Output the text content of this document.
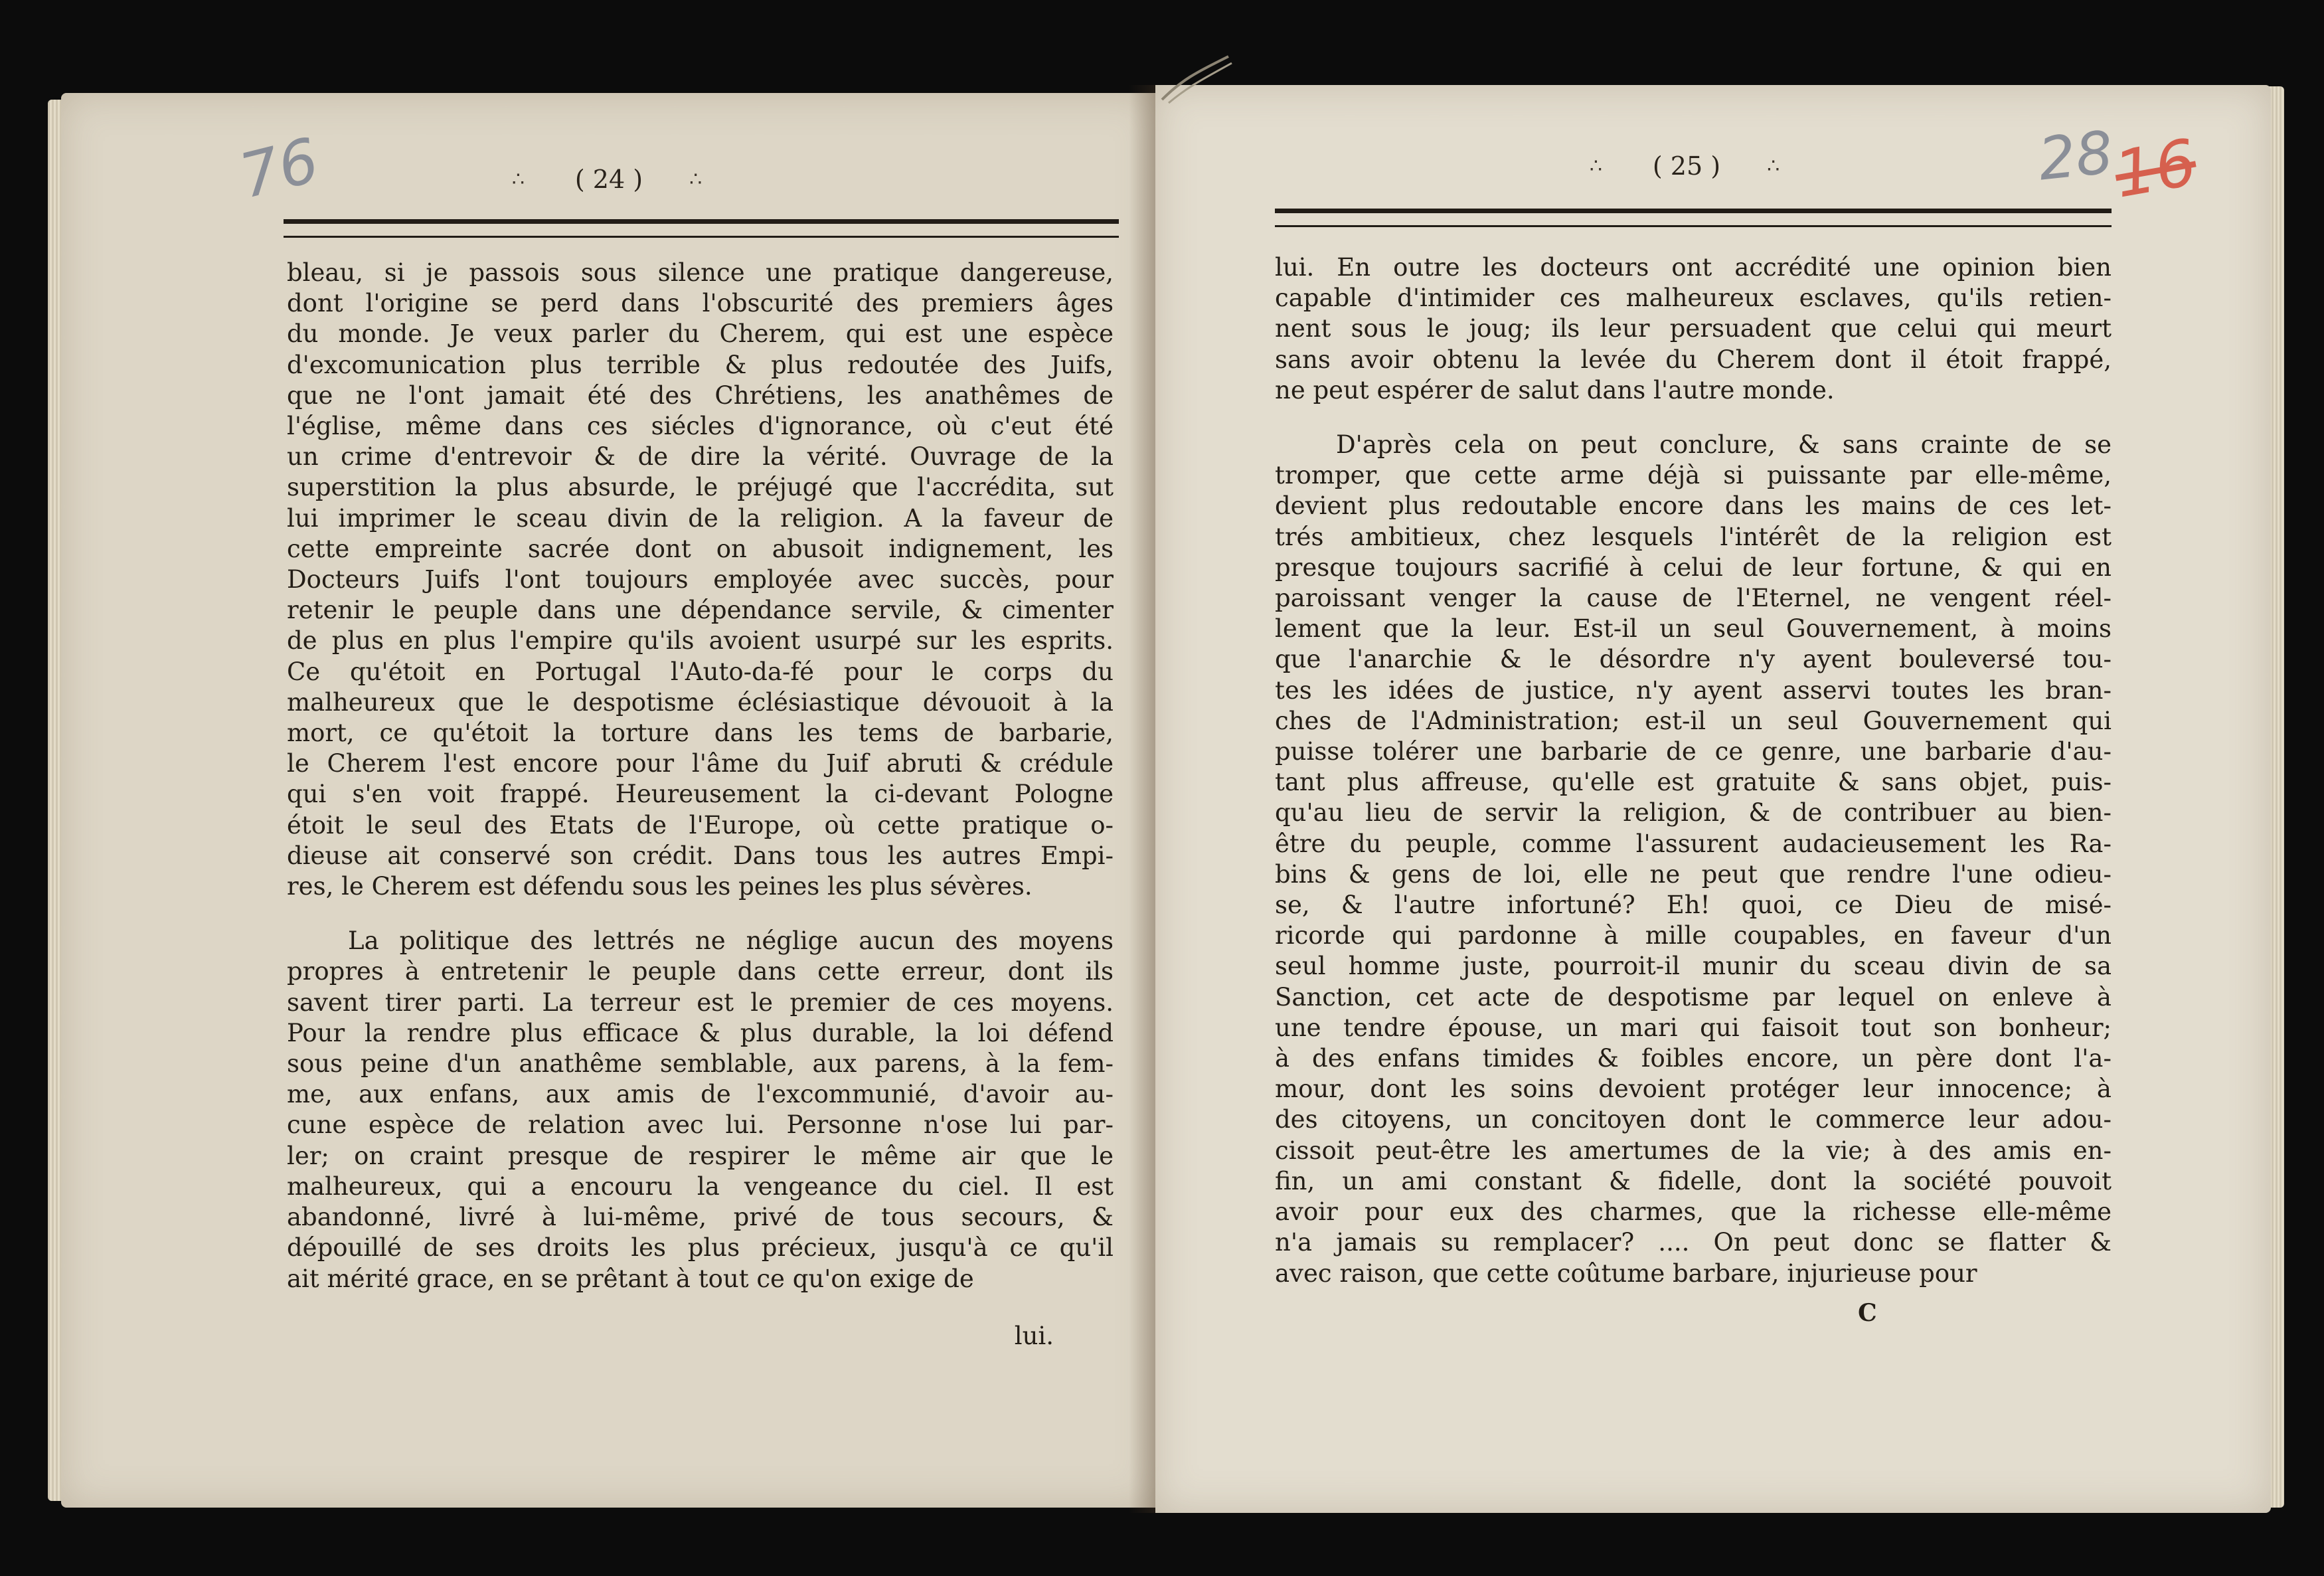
76	∴ ( 24 ) ∴
bleau, si je passois sous silence une pratique dangereuse,
dont l'origine se perd dans l'obscurité des premiers âges
du monde. Je veux parler du Cherem, qui est une espèce
d'excomunication plus terrible & plus redoutée des Juifs,
que ne l'ont jamait été des Chrétiens, les anathêmes de
l'église, même dans ces siécles d'ignorance, où c'eut été
un crime d'entrevoir & de dire la vérité. Ouvrage de la
superstition la plus absurde, le préjugé que l'accrédita, sut
lui imprimer le sceau divin de la religion. A la faveur de
cette empreinte sacrée dont on abusoit indignement, les
Docteurs Juifs l'ont toujours employée avec succès, pour
retenir le peuple dans une dépendance servile, & cimenter
de plus en plus l'empire qu'ils avoient usurpé sur les esprits.
Ce qu'étoit en Portugal l'Auto-da-fé pour le corps du
malheureux que le despotisme éclésiastique dévouoit à la
mort, ce qu'étoit la torture dans les tems de barbarie,
le Cherem l'est encore pour l'âme du Juif abruti & crédule
qui s'en voit frappé. Heureusement la ci-devant Pologne
étoit le seul des Etats de l'Europe, où cette pratique o-
dieuse ait conservé son crédit. Dans tous les autres Empi-
res, le Cherem est défendu sous les peines les plus sévères.
La politique des lettrés ne néglige aucun des moyens
propres à entretenir le peuple dans cette erreur, dont ils
savent tirer parti. La terreur est le premier de ces moyens.
Pour la rendre plus efficace & plus durable, la loi défend
sous peine d'un anathême semblable, aux parens, à la fem-
me, aux enfans, aux amis de l'excommunié, d'avoir au-
cune espèce de relation avec lui. Personne n'ose lui par-
ler; on craint presque de respirer le même air que le
malheureux, qui a encouru la vengeance du ciel. Il est
abandonné, livré à lui-même, privé de tous secours, &
dépouillé de ses droits les plus précieux, jusqu'à ce qu'il
ait mérité grace, en se prêtant à tout ce qu'on exige de
lui.
28
16
∴ ( 25 ) ∴
lui. En outre les docteurs ont accrédité une opinion bien
capable d'intimider ces malheureux esclaves, qu'ils retien-
nent sous le joug; ils leur persuadent que celui qui meurt
sans avoir obtenu la levée du Cherem dont il étoit frappé,
ne peut espérer de salut dans l'autre monde.
D'après cela on peut conclure, & sans crainte de se
tromper, que cette arme déjà si puissante par elle-même,
devient plus redoutable encore dans les mains de ces let-
trés ambitieux, chez lesquels l'intérêt de la religion est
presque toujours sacrifié à celui de leur fortune, & qui en
paroissant venger la cause de l'Eternel, ne vengent réel-
lement que la leur. Est-il un seul Gouvernement, à moins
que l'anarchie & le désordre n'y ayent bouleversé tou-
tes les idées de justice, n'y ayent asservi toutes les bran-
ches de l'Administration; est-il un seul Gouvernement qui
puisse tolérer une barbarie de ce genre, une barbarie d'au-
tant plus affreuse, qu'elle est gratuite & sans objet, puis-
qu'au lieu de servir la religion, & de contribuer au bien-
être du peuple, comme l'assurent audacieusement les Ra-
bins & gens de loi, elle ne peut que rendre l'une odieu-
se, & l'autre infortuné? Eh! quoi, ce Dieu de misé-
ricorde qui pardonne à mille coupables, en faveur d'un
seul homme juste, pourroit-il munir du sceau divin de sa
Sanction, cet acte de despotisme par lequel on enleve à
une tendre épouse, un mari qui faisoit tout son bonheur;
à des enfans timides & foibles encore, un père dont l'a-
mour, dont les soins devoient protéger leur innocence; à
des citoyens, un concitoyen dont le commerce leur adou-
cissoit peut-être les amertumes de la vie; à des amis en-
fin, un ami constant & fidelle, dont la société pouvoit
avoir pour eux des charmes, que la richesse elle-même
n'a jamais su remplacer? .... On peut donc se flatter &
avec raison, que cette coûtume barbare, injurieuse pour
C
